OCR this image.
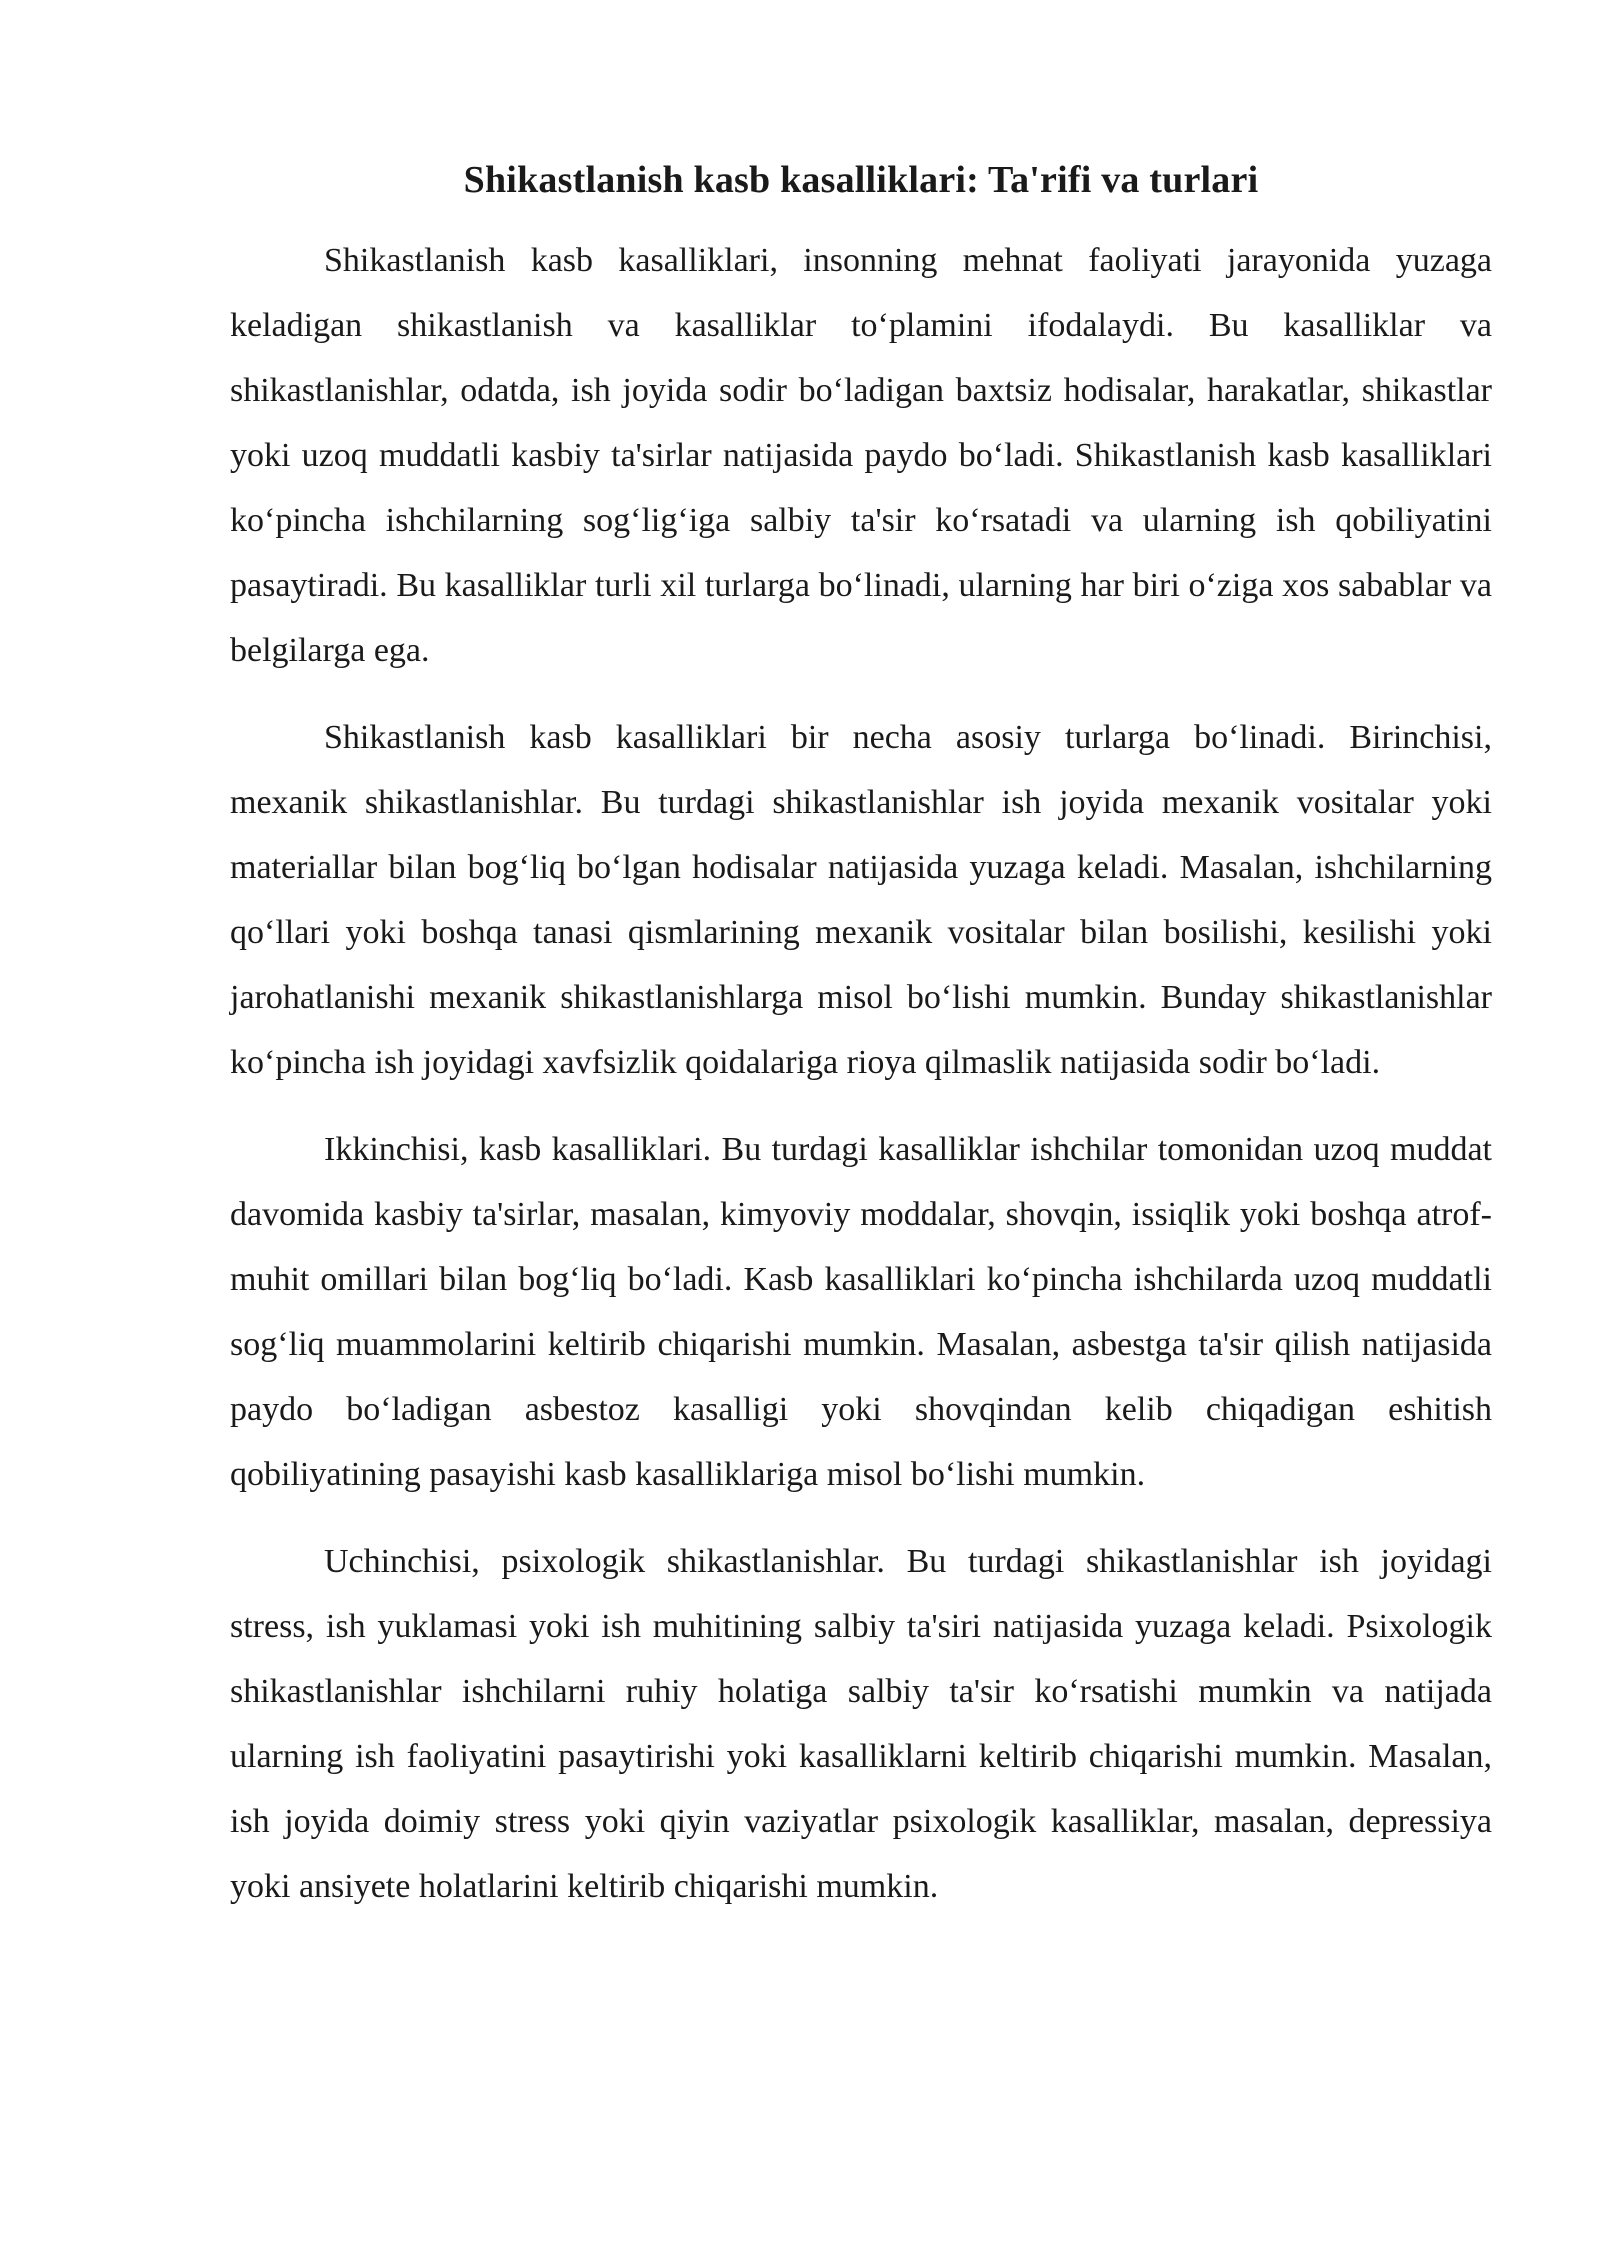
Shikastlanish kasb kasalliklari: Ta'rifi va turlari

Shikastlanish kasb kasalliklari, insonning mehnat faoliyati jarayonida yuzaga keladigan shikastlanish va kasalliklar to‘plamini ifodalaydi. Bu kasalliklar va shikastlanishlar, odatda, ish joyida sodir bo‘ladigan baxtsiz hodisalar, harakatlar, shikastlar yoki uzoq muddatli kasbiy ta'sirlar natijasida paydo bo‘ladi. Shikastlanish kasb kasalliklari ko‘pincha ishchilarning sog‘lig‘iga salbiy ta'sir ko‘rsatadi va ularning ish qobiliyatini pasaytiradi. Bu kasalliklar turli xil turlarga bo‘linadi, ularning har biri o‘ziga xos sabablar va belgilarga ega.

Shikastlanish kasb kasalliklari bir necha asosiy turlarga bo‘linadi. Birinchisi, mexanik shikastlanishlar. Bu turdagi shikastlanishlar ish joyida mexanik vositalar yoki materiallar bilan bog‘liq bo‘lgan hodisalar natijasida yuzaga keladi. Masalan, ishchilarning qo‘llari yoki boshqa tanasi qismlarining mexanik vositalar bilan bosilishi, kesilishi yoki jarohatlanishi mexanik shikastlanishlarga misol bo‘lishi mumkin. Bunday shikastlanishlar ko‘pincha ish joyidagi xavfsizlik qoidalariga rioya qilmaslik natijasida sodir bo‘ladi.

Ikkinchisi, kasb kasalliklari. Bu turdagi kasalliklar ishchilar tomonidan uzoq muddat davomida kasbiy ta'sirlar, masalan, kimyoviy moddalar, shovqin, issiqlik yoki boshqa atrof-muhit omillari bilan bog‘liq bo‘ladi. Kasb kasalliklari ko‘pincha ishchilarda uzoq muddatli sog‘liq muammolarini keltirib chiqarishi mumkin. Masalan, asbestga ta'sir qilish natijasida paydo bo‘ladigan asbestoz kasalligi yoki shovqindan kelib chiqadigan eshitish qobiliyatining pasayishi kasb kasalliklariga misol bo‘lishi mumkin.

Uchinchisi, psixologik shikastlanishlar. Bu turdagi shikastlanishlar ish joyidagi stress, ish yuklamasi yoki ish muhitining salbiy ta'siri natijasida yuzaga keladi. Psixologik shikastlanishlar ishchilarni ruhiy holatiga salbiy ta'sir ko‘rsatishi mumkin va natijada ularning ish faoliyatini pasaytirishi yoki kasalliklarni keltirib chiqarishi mumkin. Masalan, ish joyida doimiy stress yoki qiyin vaziyatlar psixologik kasalliklar, masalan, depressiya yoki ansiyete holatlarini keltirib chiqarishi mumkin.
